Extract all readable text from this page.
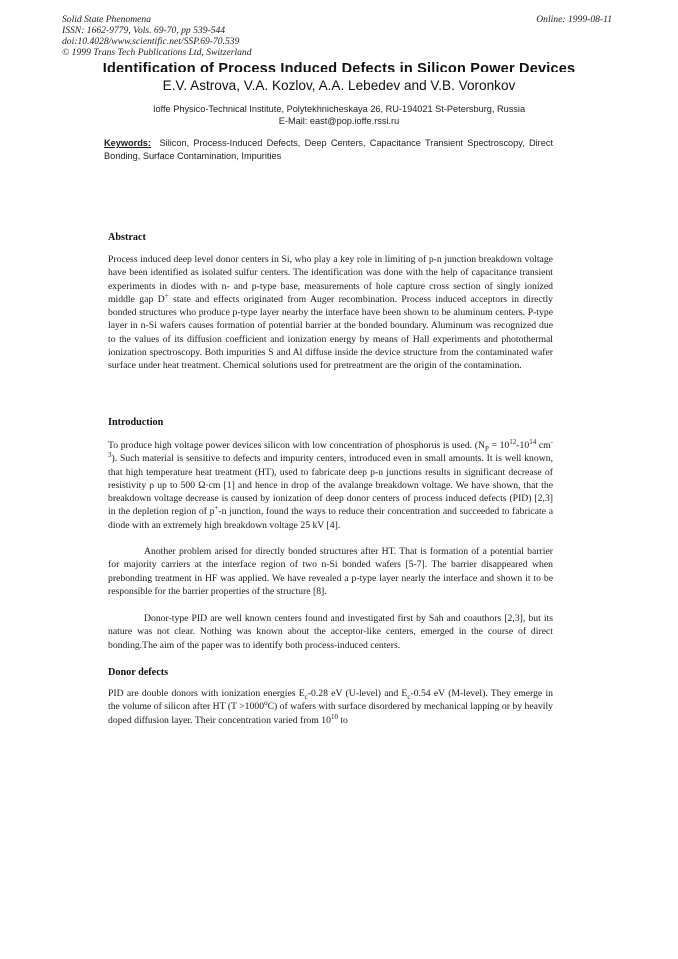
Solid State Phenomena
ISSN: 1662-9779, Vols. 69-70, pp 539-544
doi:10.4028/www.scientific.net/SSP.69-70.539
© 1999 Trans Tech Publications Ltd, Switzerland
Online: 1999-08-11
Identification of Process Induced Defects in Silicon Power Devices
E.V. Astrova, V.A. Kozlov, A.A. Lebedev and V.B. Voronkov
Ioffe Physico-Technical Institute, Polytekhnicheskaya 26, RU-194021 St-Petersburg, Russia
E-Mail: east@pop.ioffe.rssi.ru
Keywords: Silicon, Process-Induced Defects, Deep Centers, Capacitance Transient Spectroscopy, Direct Bonding, Surface Contamination, Impurities
Abstract
Process induced deep level donor centers in Si, who play a key role in limiting of p-n junction breakdown voltage have been identified as isolated sulfur centers. The identification was done with the help of capacitance transient experiments in diodes with n- and p-type base, measurements of hole capture cross section of singly ionized middle gap D+ state and effects originated from Auger recombination. Process induced acceptors in directly bonded structures who produce p-type layer nearby the interface have been shown to be aluminum centers. P-type layer in n-Si wafers causes formation of potential barrier at the bonded boundary. Aluminum was recognized due to the values of its diffusion coefficient and ionization energy by means of Hall experiments and photothermal ionization spectroscopy. Both impurities S and Al diffuse inside the device structure from the contaminated wafer surface under heat treatment. Chemical solutions used for pretreatment are the origin of the contamination.
Introduction
To produce high voltage power devices silicon with low concentration of phosphorus is used. ($N_P = 10^{12}-10^{14}$ $cm^{-3}$). Such material is sensitive to defects and impurity centers, introduced even in small amounts. It is well known, that high temperature heat treatment (HT), used to fabricate deep p-n junctions results in significant decrease of resistivity ρ up to 500 Ω·cm [1] and hence in drop of the avalange breakdown voltage. We have shown, that the breakdown voltage decrease is caused by ionization of deep donor centers of process induced defects (PID) [2,3] in the depletion region of p+-n junction, found the ways to reduce their concentration and succeeded to fabricate a diode with an extremely high breakdown voltage 25 kV [4].
Another problem arised for directly bonded structures after HT. That is formation of a potential barrier for majority carriers at the interface region of two n-Si bonded wafers [5-7]. The barrier disappeared when prebonding treatment in HF was applied. We have revealed a p-type layer nearly the interface and shown it to be responsible for the barrier properties of the structure [8].
Donor-type PID are well known centers found and investigated first by Sah and coauthors [2,3], but its nature was not clear. Nothing was known about the acceptor-like centers, emerged in the course of direct bonding.The aim of the paper was to identify both process-induced centers.
Donor defects
PID are double donors with ionization energies $E_c-0.28$ eV (U-level) and $E_c-0.54$ eV (M-level). They emerge in the volume of silicon after HT $(T >1000^oC)$ of wafers with surface disordered by mechanical lapping or by heavily doped diffusion layer. Their concentration varied from $10^{10}$ to
